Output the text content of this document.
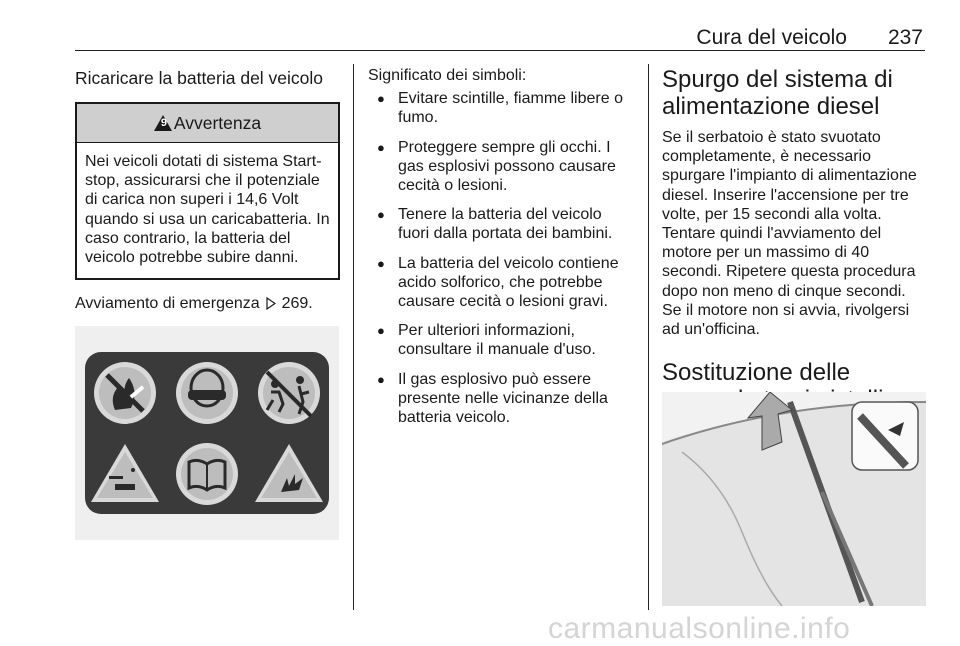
Cura del veicolo 237
Ricaricare la batteria del veicolo
9 Avvertenza
Nei veicoli dotati di sistema Start-stop, assicurarsi che il potenziale di carica non superi i 14,6 Volt quando si usa un caricabatteria. In caso contrario, la batteria del veicolo potrebbe subire danni.

Avviamento di emergenza 269.

Significato dei simboli:

● Evitare scintille, fiamme libere o fumo.
● Proteggere sempre gli occhi. I gas esplosivi possono causare cecità o lesioni.
● Tenere la batteria del veicolo fuori dalla portata dei bambini.
● La batteria del veicolo contiene acido solforico, che potrebbe causare cecità o lesioni gravi.
● Per ulteriori informazioni, consultare il manuale d'uso.
● Il gas esplosivo può essere presente nelle vicinanze della batteria veicolo.
Spurgo del sistema di alimentazione diesel

Se il serbatoio è stato svuotato completamente, è necessario spurgare l'impianto di alimentazione diesel. Inserire l'accensione per tre volte, per 15 secondi alla volta. Tentare quindi l'avviamento del motore per un massimo di 40 secondi. Ripetere questa procedura dopo non meno di cinque secondi. Se il motore non si avvia, rivolgersi ad un'officina.

Sostituzione delle
carmanualsonline.info
